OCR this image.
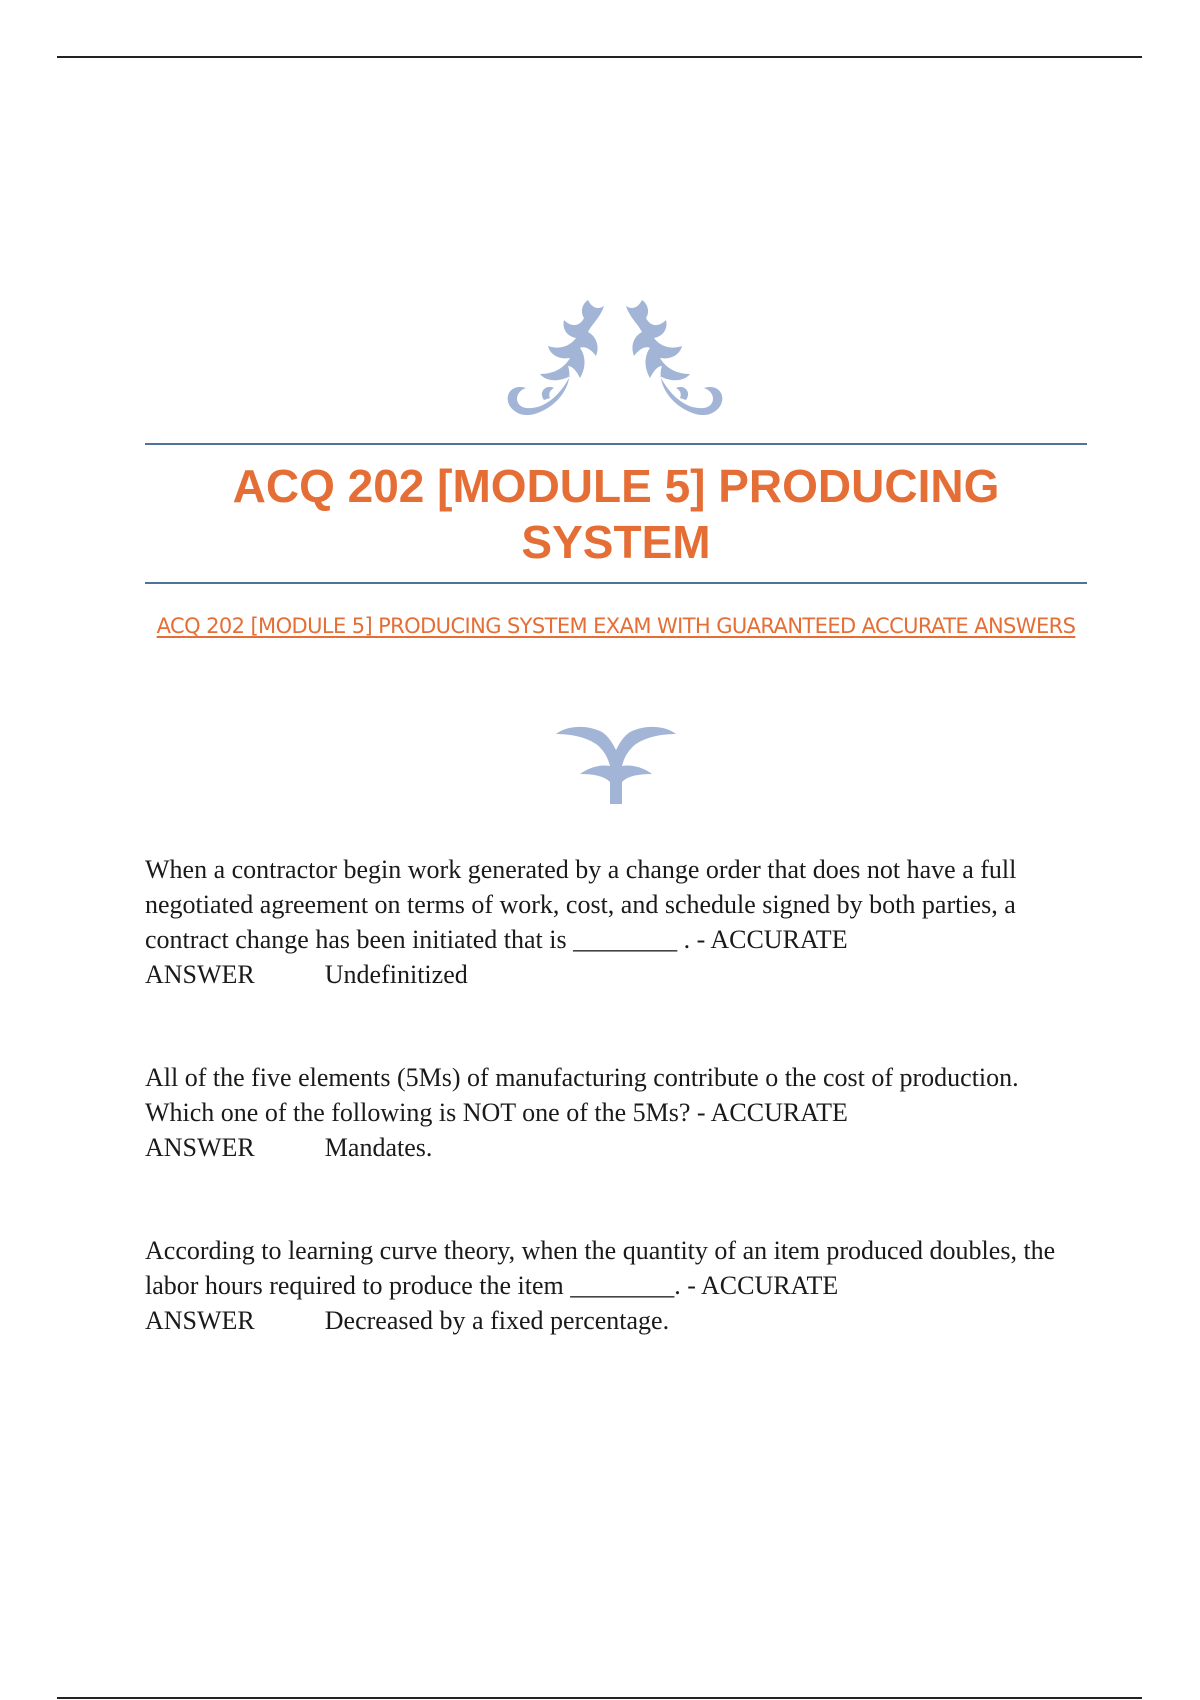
ACQ 202 [MODULE 5] PRODUCING
SYSTEM

ACQ 202 [MODULE 5] PRODUCING SYSTEM EXAM WITH GUARANTEED ACCURATE ANSWERS

When a contractor begin work generated by a change order that does not have a full negotiated agreement on terms of work, cost, and schedule signed by both parties, a contract change has been initiated that is ________ . - ACCURATE
ANSWER	Undefinitized

All of the five elements (5Ms) of manufacturing contribute o the cost of production. Which one of the following is NOT one of the 5Ms? - ACCURATE
ANSWER	Mandates.

According to learning curve theory, when the quantity of an item produced doubles, the labor hours required to produce the item ________. - ACCURATE
ANSWER	Decreased by a fixed percentage.
